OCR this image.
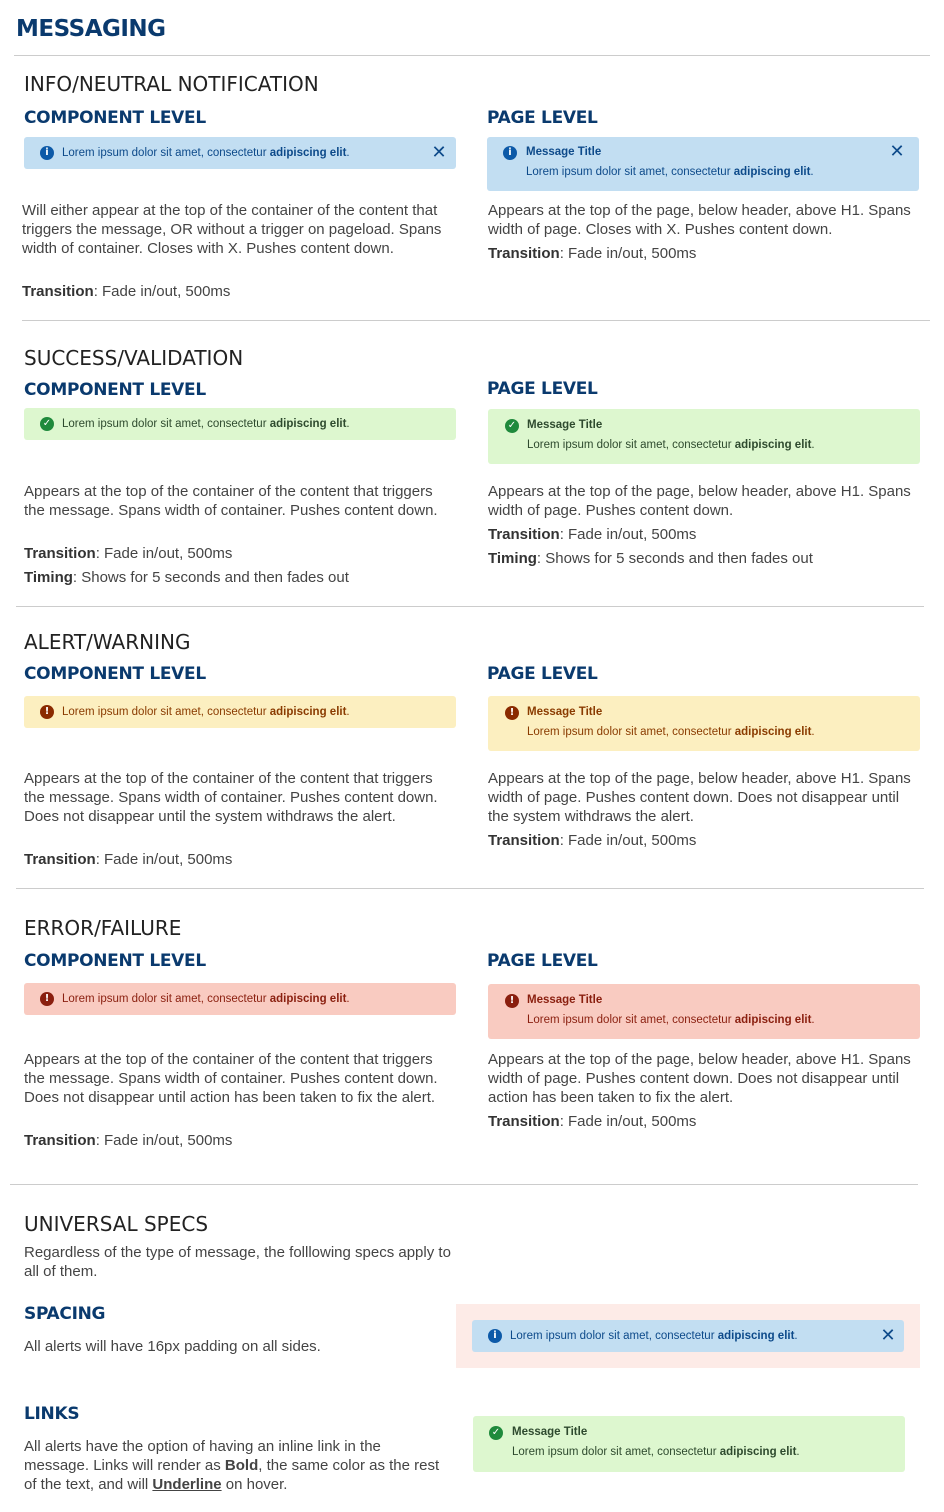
MESSAGING
INFO/NEUTRAL NOTIFICATION
COMPONENT LEVEL	PAGE LEVEL
i	Lorem ipsum dolor sit amet, consectetur adipiscing elit.	✕	i	Message Title
Lorem ipsum dolor sit amet, consectetur adipiscing elit.
✕
Will either appear at the top of the container of the content that triggers the message, OR without a trigger on pageload. Spans width of container. Closes with X. Pushes content down.
Transition: Fade in/out, 500ms
Appears at the top of the page, below header, above H1. Spans width of page. Closes with X. Pushes content down.
Transition: Fade in/out, 500ms
SUCCESS/VALIDATION
COMPONENT LEVEL	PAGE LEVEL
✓ Lorem ipsum dolor sit amet, consectetur adipiscing elit.	✓ Message Title
Lorem ipsum dolor sit amet, consectetur adipiscing elit.
Appears at the top of the container of the content that triggers the message. Spans width of container. Pushes content down.
Transition: Fade in/out, 500ms
Timing: Shows for 5 seconds and then fades out
Appears at the top of the page, below header, above H1. Spans width of page. Pushes content down.
Transition: Fade in/out, 500ms
Timing: Shows for 5 seconds and then fades out
ALERT/WARNING
COMPONENT LEVEL	PAGE LEVEL
!	Lorem ipsum dolor sit amet, consectetur adipiscing elit.	!	Message Title
Lorem ipsum dolor sit amet, consectetur adipiscing elit.
Appears at the top of the container of the content that triggers the message. Spans width of container. Pushes content down. Does not disappear until the system withdraws the alert.
Transition: Fade in/out, 500ms
Appears at the top of the page, below header, above H1. Spans width of page. Pushes content down. Does not disappear until the system withdraws the alert.
Transition: Fade in/out, 500ms
ERROR/FAILURE
COMPONENT LEVEL	PAGE LEVEL
!	Lorem ipsum dolor sit amet, consectetur adipiscing elit.	!	Message Title
Lorem ipsum dolor sit amet, consectetur adipiscing elit.
Appears at the top of the container of the content that triggers the message. Spans width of container. Pushes content down. Does not disappear until action has been taken to fix the alert.
Transition: Fade in/out, 500ms
Appears at the top of the page, below header, above H1. Spans width of page. Pushes content down. Does not disappear until action has been taken to fix the alert.
Transition: Fade in/out, 500ms
UNIVERSAL SPECS
Regardless of the type of message, the folllowing specs apply to all of them.
SPACING
All alerts will have 16px padding on all sides.
i	Lorem ipsum dolor sit amet, consectetur adipiscing elit.	✕
LINKS
All alerts have the option of having an inline link in the message. Links will render as Bold, the same color as the rest of the text, and will Underline on hover.
✓ Message Title
Lorem ipsum dolor sit amet, consectetur adipiscing elit.
